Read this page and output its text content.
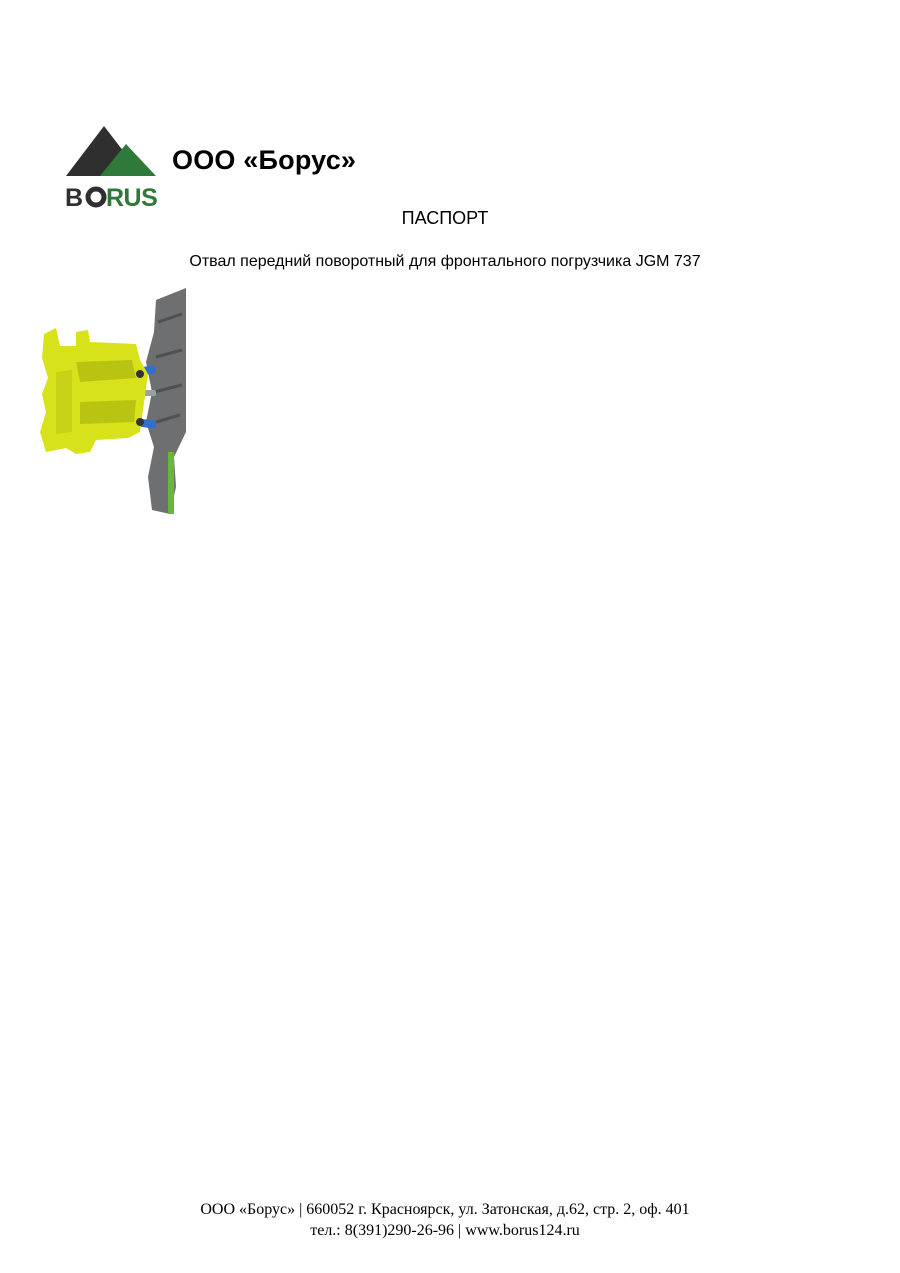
B RUS
ООО «Борус»
ПАСПОРТ
Отвал передний поворотный для фронтального погрузчика JGM 737
ООО «Борус» | 660052 г. Красноярск, ул. Затонская, д.62, стр. 2, оф. 401
тел.: 8(391)290-26-96 | www.borus124.ru
